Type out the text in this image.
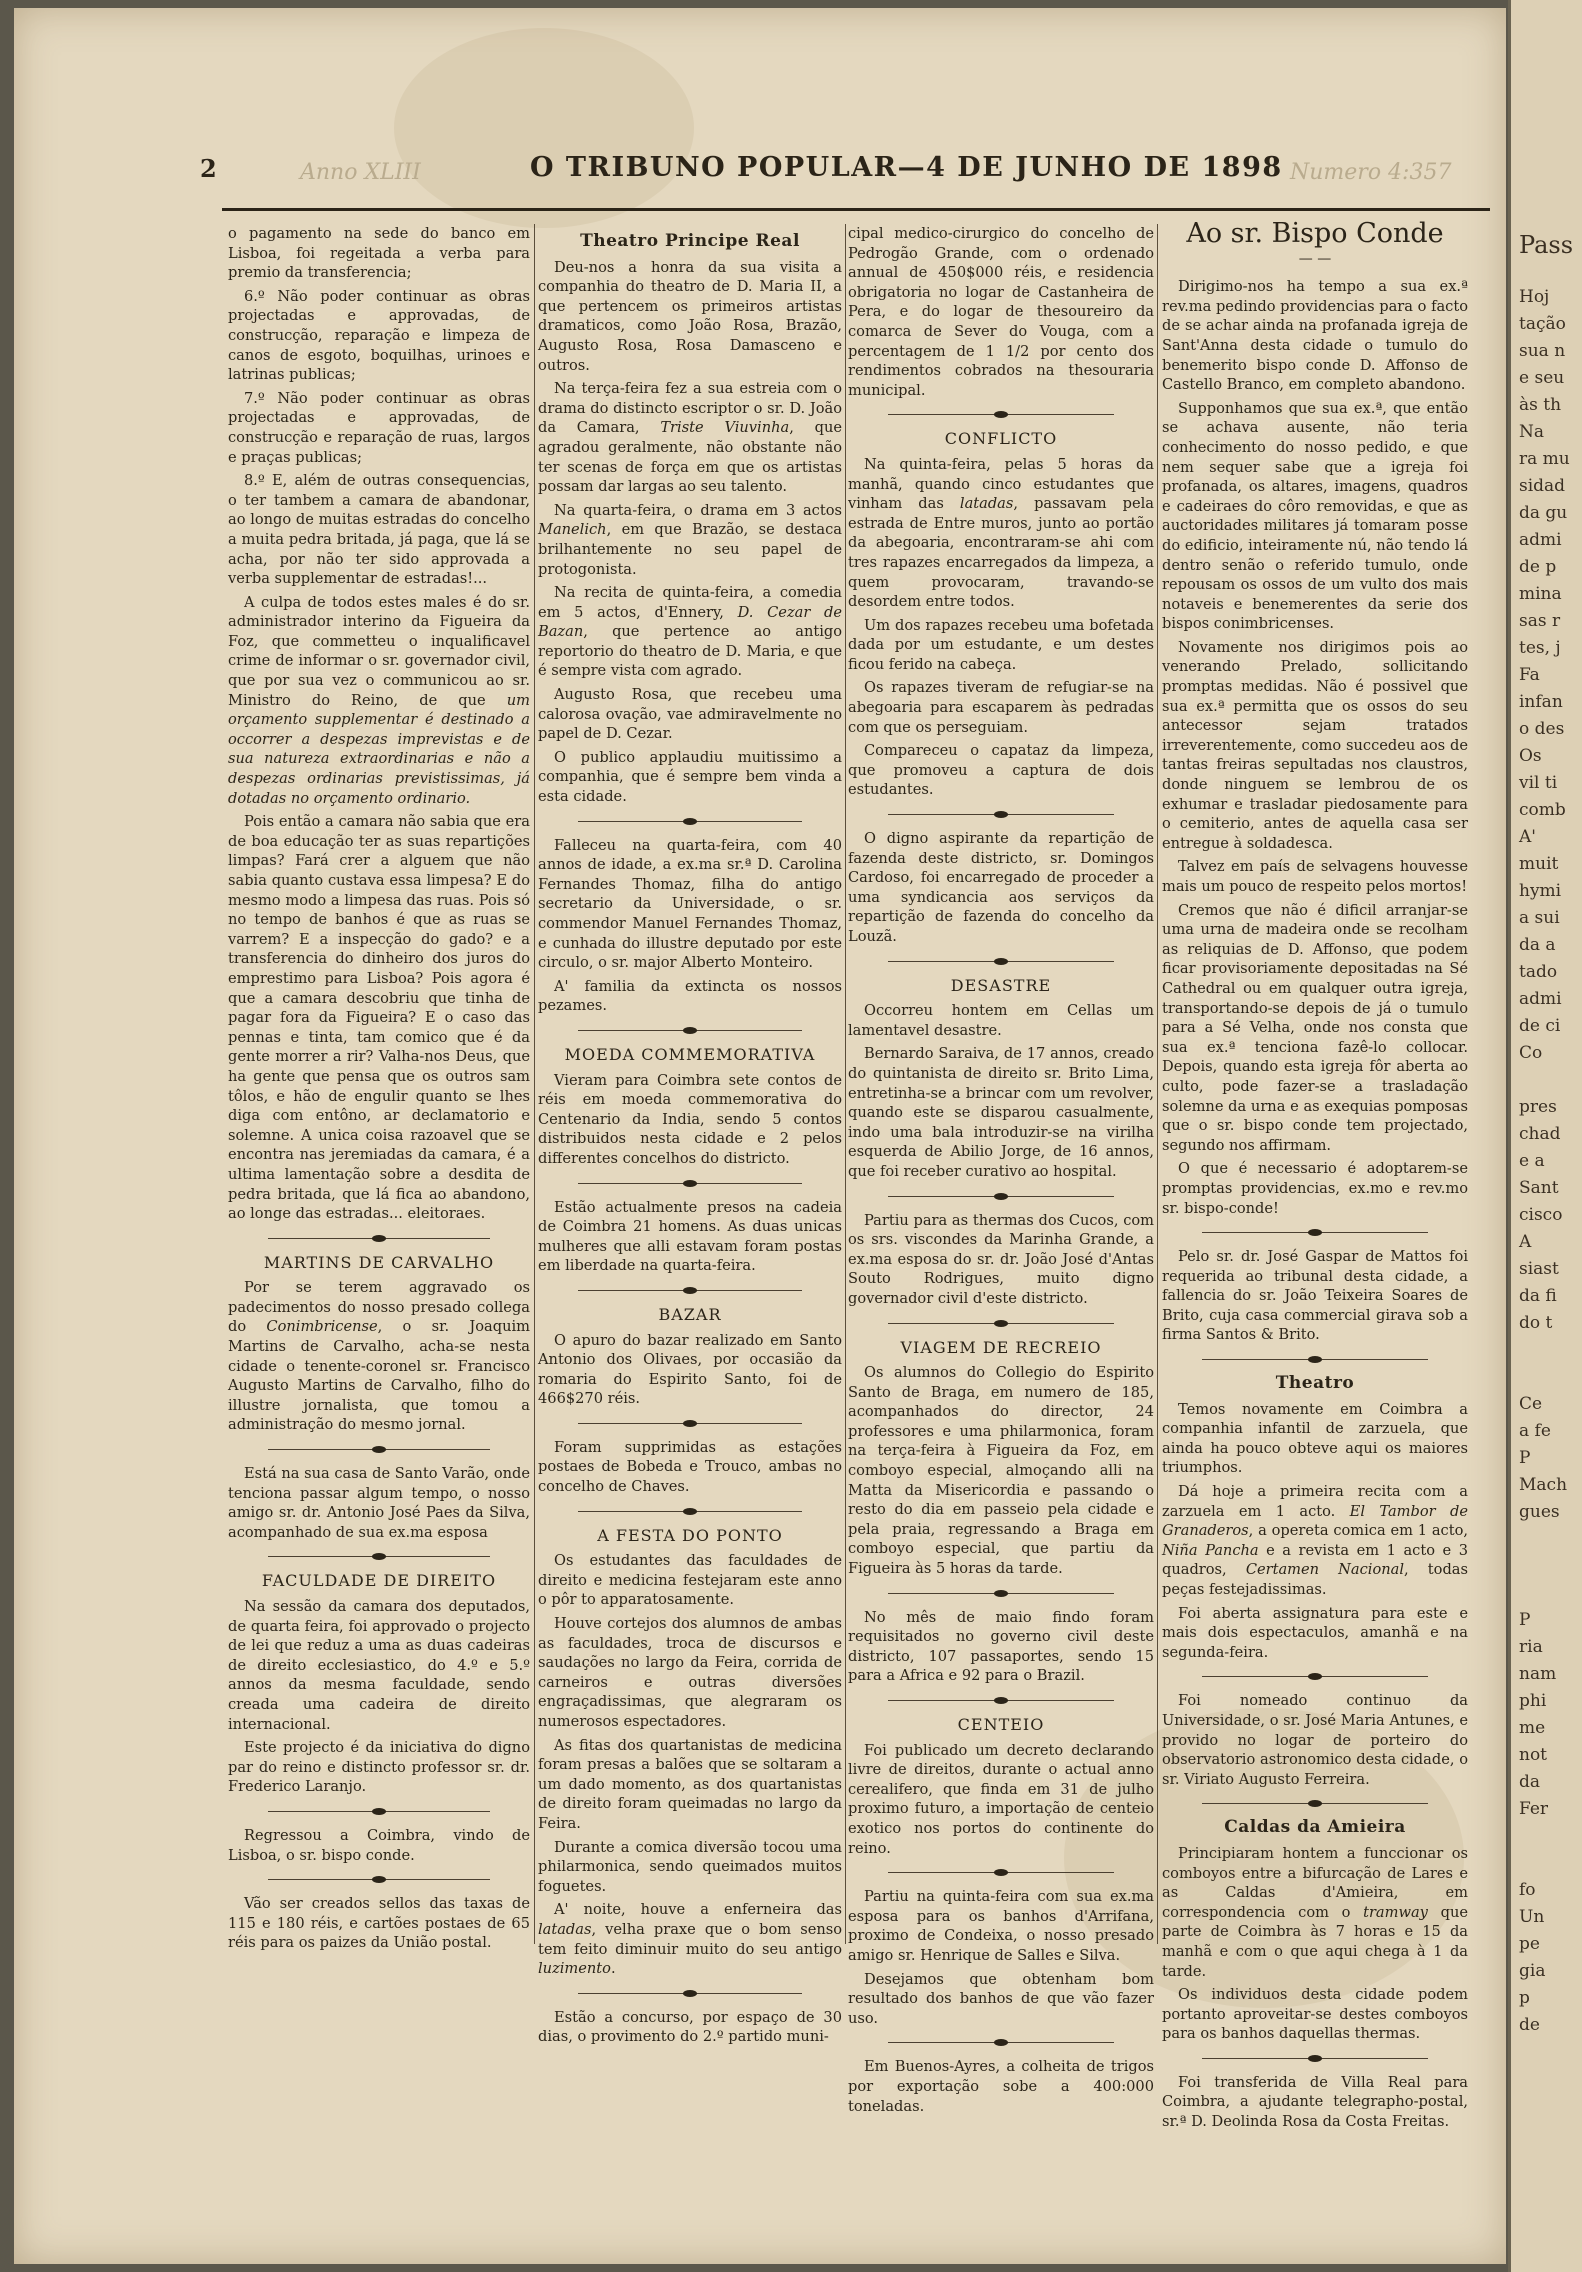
2	Anno XLIII	O TRIBUNO POPULAR—4 DE JUNHO DE 1898 Numero 4:357

o pagamento na sede do banco em Lisboa, foi regeitada a verba para premio da transferencia;

6.º Não poder continuar as obras projectadas e approvadas, de construcção, reparação e limpeza de canos de esgoto, boquilhas, urinoes e latrinas publicas;

7.º Não poder continuar as obras projectadas e approvadas, de construcção e reparação de ruas, largos e praças publicas;

8.º E, além de outras consequencias, o ter tambem a camara de abandonar, ao longo de muitas estradas do concelho a muita pedra britada, já paga, que lá se acha, por não ter sido approvada a verba supplementar de estradas!...

A culpa de todos estes males é do sr. administrador interino da Figueira da Foz, que commetteu o inqualificavel crime de informar o sr. governador civil, que por sua vez o communicou ao sr. Ministro do Reino, de que um orçamento supplementar é destinado a occorrer a despezas imprevistas e de sua natureza extraordinarias e não a despezas ordinarias previstissimas, já dotadas no orçamento ordinario.

Pois então a camara não sabia que era de boa educação ter as suas repartições limpas? Fará crer a alguem que não sabia quanto custava essa limpesa? E do mesmo modo a limpesa das ruas. Pois só no tempo de banhos é que as ruas se varrem? E a inspecção do gado? e a transferencia do dinheiro dos juros do emprestimo para Lisboa? Pois agora é que a camara descobriu que tinha de pagar fora da Figueira? E o caso das pennas e tinta, tam comico que é da gente morrer a rir? Valha-nos Deus, que ha gente que pensa que os outros sam tôlos, e hão de engulir quanto se lhes diga com entôno, ar declamatorio e solemne. A unica coisa razoavel que se encontra nas jeremiadas da camara, é a ultima lamentação sobre a desdita de pedra britada, que lá fica ao abandono, ao longe das estradas... eleitoraes.

MARTINS DE CARVALHO

Por se terem aggravado os padecimentos do nosso presado collega do Conimbricense, o sr. Joaquim Martins de Carvalho, acha-se nesta cidade o tenente-coronel sr. Francisco Augusto Martins de Carvalho, filho do illustre jornalista, que tomou a administração do mesmo jornal.

Está na sua casa de Santo Varão, onde tenciona passar algum tempo, o nosso amigo sr. dr. Antonio José Paes da Silva, acompanhado de sua ex.ma esposa

FACULDADE DE DIREITO

Na sessão da camara dos deputados, de quarta feira, foi approvado o projecto de lei que reduz a uma as duas cadeiras de direito ecclesiastico, do 4.º e 5.º annos da mesma faculdade, sendo creada uma cadeira de direito internacional.

Este projecto é da iniciativa do digno par do reino e distincto professor sr. dr. Frederico Laranjo.

Regressou a Coimbra, vindo de Lisboa, o sr. bispo conde.

Vão ser creados sellos das taxas de 115 e 180 réis, e cartões postaes de 65 réis para os paizes da União postal.

Theatro Principe Real

Deu-nos a honra da sua visita a companhia do theatro de D. Maria II, a que pertencem os primeiros artistas dramaticos, como João Rosa, Brazão, Augusto Rosa, Rosa Damasceno e outros.

Na terça-feira fez a sua estreia com o drama do distincto escriptor o sr. D. João da Camara, Triste Viuvinha, que agradou geralmente, não obstante não ter scenas de força em que os artistas possam dar largas ao seu talento.

Na quarta-feira, o drama em 3 actos Manelich, em que Brazão, se destaca brilhantemente no seu papel de protogonista.

Na recita de quinta-feira, a comedia em 5 actos, d'Ennery, D. Cezar de Bazan, que pertence ao antigo reportorio do theatro de D. Maria, e que é sempre vista com agrado.

Augusto Rosa, que recebeu uma calorosa ovação, vae admiravelmente no papel de D. Cezar.

O publico applaudiu muitissimo a companhia, que é sempre bem vinda a esta cidade.

Falleceu na quarta-feira, com 40 annos de idade, a ex.ma sr.ª D. Carolina Fernandes Thomaz, filha do antigo secretario da Universidade, o sr. commendor Manuel Fernandes Thomaz, e cunhada do illustre deputado por este circulo, o sr. major Alberto Monteiro.

A' familia da extincta os nossos pezames.

MOEDA COMMEMORATIVA

Vieram para Coimbra sete contos de réis em moeda commemorativa do Centenario da India, sendo 5 contos distribuidos nesta cidade e 2 pelos differentes concelhos do districto.

Estão actualmente presos na cadeia de Coimbra 21 homens. As duas unicas mulheres que alli estavam foram postas em liberdade na quarta-feira.

BAZAR

O apuro do bazar realizado em Santo Antonio dos Olivaes, por occasião da romaria do Espirito Santo, foi de 466$270 réis.

Foram supprimidas as estações postaes de Bobeda e Trouco, ambas no concelho de Chaves.

A FESTA DO PONTO

Os estudantes das faculdades de direito e medicina festejaram este anno o pôr to apparatosamente.

Houve cortejos dos alumnos de ambas as faculdades, troca de discursos e saudações no largo da Feira, corrida de carneiros e outras diversões engraçadissimas, que alegraram os numerosos espectadores.

As fitas dos quartanistas de medicina foram presas a balões que se soltaram a um dado momento, as dos quartanistas de direito foram queimadas no largo da Feira.

Durante a comica diversão tocou uma philarmonica, sendo queimados muitos foguetes.

A' noite, houve a enferneira das latadas, velha praxe que o bom senso tem feito diminuir muito do seu antigo luzimento.

Estão a concurso, por espaço de 30 dias, o provimento do 2.º partido muni-

cipal medico-cirurgico do concelho de Pedrogão Grande, com o ordenado annual de 450$000 réis, e residencia obrigatoria no logar de Castanheira de Pera, e do logar de thesoureiro da comarca de Sever do Vouga, com a percentagem de 1 1/2 por cento dos rendimentos cobrados na thesouraria municipal.

CONFLICTO

Na quinta-feira, pelas 5 horas da manhã, quando cinco estudantes que vinham das latadas, passavam pela estrada de Entre muros, junto ao portão da abegoaria, encontraram-se ahi com tres rapazes encarregados da limpeza, a quem provocaram, travando-se desordem entre todos.

Um dos rapazes recebeu uma bofetada dada por um estudante, e um destes ficou ferido na cabeça.

Os rapazes tiveram de refugiar-se na abegoaria para escaparem às pedradas com que os perseguiam.

Compareceu o capataz da limpeza, que promoveu a captura de dois estudantes.

O digno aspirante da repartição de fazenda deste districto, sr. Domingos Cardoso, foi encarregado de proceder a uma syndicancia aos serviços da repartição de fazenda do concelho da Louzã.

DESASTRE

Occorreu hontem em Cellas um lamentavel desastre.

Bernardo Saraiva, de 17 annos, creado do quintanista de direito sr. Brito Lima, entretinha-se a brincar com um revolver, quando este se disparou casualmente, indo uma bala introduzir-se na virilha esquerda de Abilio Jorge, de 16 annos, que foi receber curativo ao hospital.

Partiu para as thermas dos Cucos, com os srs. viscondes da Marinha Grande, a ex.ma esposa do sr. dr. João José d'Antas Souto Rodrigues, muito digno governador civil d'este districto.

VIAGEM DE RECREIO

Os alumnos do Collegio do Espirito Santo de Braga, em numero de 185, acompanhados do director, 24 professores e uma philarmonica, foram na terça-feira à Figueira da Foz, em comboyo especial, almoçando alli na Matta da Misericordia e passando o resto do dia em passeio pela cidade e pela praia, regressando a Braga em comboyo especial, que partiu da Figueira às 5 horas da tarde.

No mês de maio findo foram requisitados no governo civil deste districto, 107 passaportes, sendo 15 para a Africa e 92 para o Brazil.

CENTEIO

Foi publicado um decreto declarando livre de direitos, durante o actual anno cerealifero, que finda em 31 de julho proximo futuro, a importação de centeio exotico nos portos do continente do reino.

Partiu na quinta-feira com sua ex.ma esposa para os banhos d'Arrifana, proximo de Condeixa, o nosso presado amigo sr. Henrique de Salles e Silva.

Desejamos que obtenham bom resultado dos banhos de que vão fazer uso.

Em Buenos-Ayres, a colheita de trigos por exportação sobe a 400:000 toneladas.

Ao sr. Bispo Conde
— —

Dirigimo-nos ha tempo a sua ex.ª rev.ma pedindo providencias para o facto de se achar ainda na profanada igreja de Sant'Anna desta cidade o tumulo do benemerito bispo conde D. Affonso de Castello Branco, em completo abandono.

Supponhamos que sua ex.ª, que então se achava ausente, não teria conhecimento do nosso pedido, e que nem sequer sabe que a igreja foi profanada, os altares, imagens, quadros e cadeiraes do côro removidas, e que as auctoridades militares já tomaram posse do edificio, inteiramente nú, não tendo lá dentro senão o referido tumulo, onde repousam os ossos de um vulto dos mais notaveis e benemerentes da serie dos bispos conimbricenses.

Novamente nos dirigimos pois ao venerando Prelado, sollicitando promptas medidas. Não é possivel que sua ex.ª permitta que os ossos do seu antecessor sejam tratados irreverentemente, como succedeu aos de tantas freiras sepultadas nos claustros, donde ninguem se lembrou de os exhumar e trasladar piedosamente para o cemiterio, antes de aquella casa ser entregue à soldadesca.

Talvez em país de selvagens houvesse mais um pouco de respeito pelos mortos!

Cremos que não é dificil arranjar-se uma urna de madeira onde se recolham as reliquias de D. Affonso, que podem ficar provisoriamente depositadas na Sé Cathedral ou em qualquer outra igreja, transportando-se depois de já o tumulo para a Sé Velha, onde nos consta que sua ex.ª tenciona fazê-lo collocar. Depois, quando esta igreja fôr aberta ao culto, pode fazer-se a trasladação solemne da urna e as exequias pomposas que o sr. bispo conde tem projectado, segundo nos affirmam.

O que é necessario é adoptarem-se promptas providencias, ex.mo e rev.mo sr. bispo-conde!

Pelo sr. dr. José Gaspar de Mattos foi requerida ao tribunal desta cidade, a fallencia do sr. João Teixeira Soares de Brito, cuja casa commercial girava sob a firma Santos & Brito.

Theatro

Temos novamente em Coimbra a companhia infantil de zarzuela, que ainda ha pouco obteve aqui os maiores triumphos.

Dá hoje a primeira recita com a zarzuela em 1 acto. El Tambor de Granaderos, a opereta comica em 1 acto, Niña Pancha e a revista em 1 acto e 3 quadros, Certamen Nacional, todas peças festejadissimas.

Foi aberta assignatura para este e mais dois espectaculos, amanhã e na segunda-feira.

Foi nomeado continuo da Universidade, o sr. José Maria Antunes, e provido no logar de porteiro do observatorio astronomico desta cidade, o sr. Viriato Augusto Ferreira.

Caldas da Amieira

Principiaram hontem a funccionar os comboyos entre a bifurcação de Lares e as Caldas d'Amieira, em correspondencia com o tramway que parte de Coimbra às 7 horas e 15 da manhã e com o que aqui chega à 1 da tarde.

Os individuos desta cidade podem portanto aproveitar-se destes comboyos para os banhos daquellas thermas.

Foi transferida de Villa Real para Coimbra, a ajudante telegrapho-postal, sr.ª D. Deolinda Rosa da Costa Freitas.

Pass
Hoj
tação
sua n
e seu
às th
Na
ra mu
sidad
da gu
admi
de p
mina
sas r
tes, j
Fa
infan
o des
Os
vil ti
comb
A'
muit
hymi
a sui
da a
tado
admi
de ci
Co
pres
chad
e a
Sant
cisco
A
siast
da fi
do t
Ce
a fe
P
Mach
gues
P
ria
nam
phi
me
not
da
Fer
fo
Un
pe
gia
p
de
